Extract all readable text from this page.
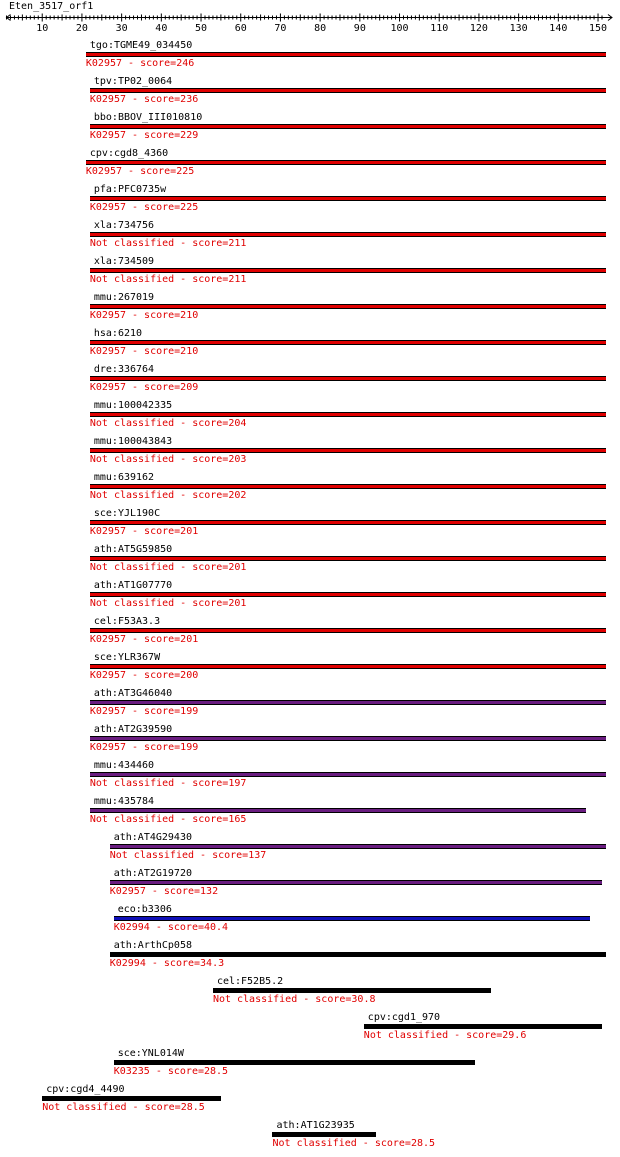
Eten_3517_orf1
10	20	30	40	50	60	70	80	90 100 110 120 130 140 150
tgo:TGME49_034450
K02957 - score=246
tpv:TP02_0064
K02957 - score=236
bbo:BBOV_III010810
K02957 - score=229
cpv:cgd8_4360
K02957 - score=225
pfa:PFC0735w
K02957 - score=225
xla:734756
Not classified - score=211
xla:734509
Not classified - score=211
mmu:267019
K02957 - score=210
hsa:6210
K02957 - score=210
dre:336764
K02957 - score=209
mmu:100042335
Not classified - score=204
mmu:100043843
Not classified - score=203
mmu:639162
Not classified - score=202
sce:YJL190C
K02957 - score=201
ath:AT5G59850
Not classified - score=201
ath:AT1G07770
Not classified - score=201
cel:F53A3.3
K02957 - score=201
sce:YLR367W
K02957 - score=200
ath:AT3G46040
K02957 - score=199
ath:AT2G39590
K02957 - score=199
mmu:434460
Not classified - score=197
mmu:435784
Not classified - score=165
ath:AT4G29430
Not classified - score=137
ath:AT2G19720
K02957 - score=132
eco:b3306
K02994 - score=40.4
ath:ArthCp058
K02994 - score=34.3
cel:F52B5.2
Not classified - score=30.8
cpv:cgd1_970
Not classified - score=29.6
sce:YNL014W
K03235 - score=28.5
cpv:cgd4_4490
Not classified - score=28.5
ath:AT1G23935
Not classified - score=28.5
